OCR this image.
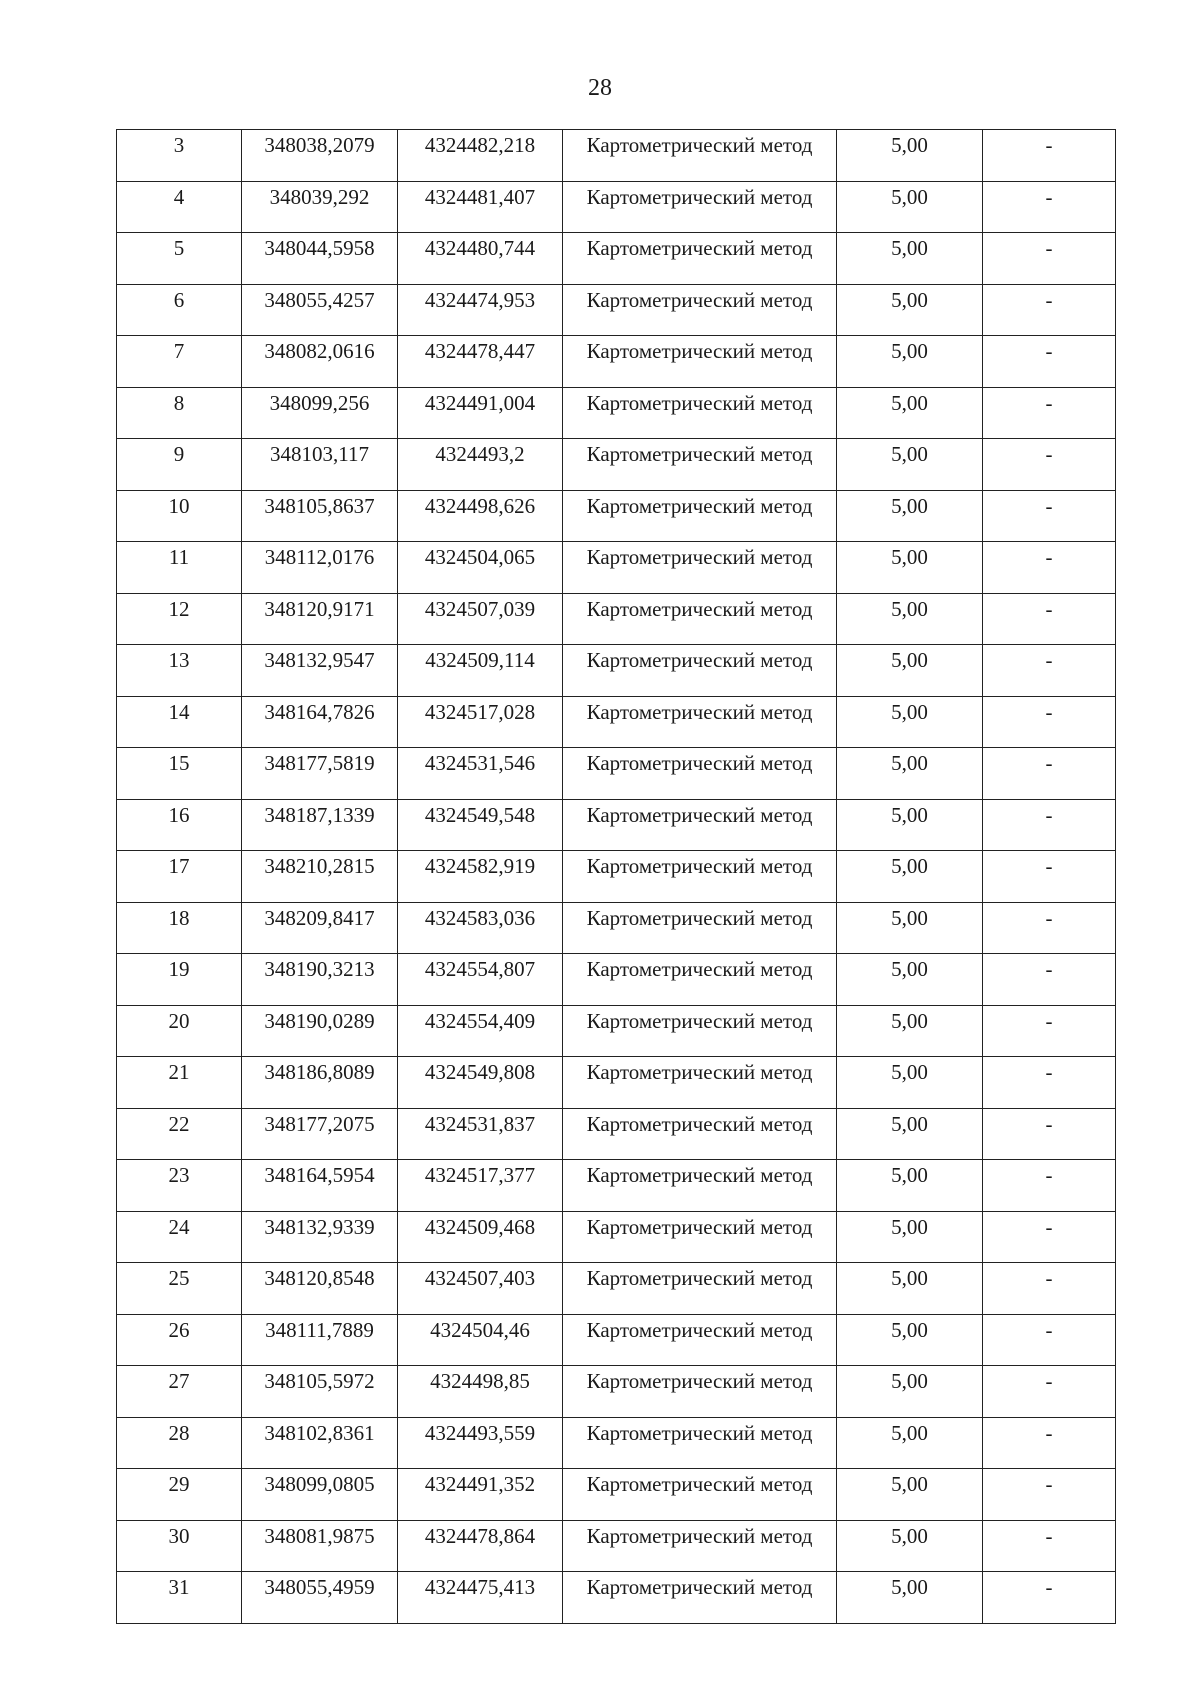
28
3	348038,2079	4324482,218	Картометрический метод	5,00	-
4	348039,292	4324481,407	Картометрический метод	5,00	-
5	348044,5958	4324480,744	Картометрический метод	5,00	-
6	348055,4257	4324474,953	Картометрический метод	5,00	-
7	348082,0616	4324478,447	Картометрический метод	5,00	-
8	348099,256	4324491,004	Картометрический метод	5,00	-
9	348103,117	4324493,2	Картометрический метод	5,00	-
10	348105,8637	4324498,626	Картометрический метод	5,00	-
11	348112,0176	4324504,065	Картометрический метод	5,00	-
12	348120,9171	4324507,039	Картометрический метод	5,00	-
13	348132,9547	4324509,114	Картометрический метод	5,00	-
14	348164,7826	4324517,028	Картометрический метод	5,00	-
15	348177,5819	4324531,546	Картометрический метод	5,00	-
16	348187,1339	4324549,548	Картометрический метод	5,00	-
17	348210,2815	4324582,919	Картометрический метод	5,00	-
18	348209,8417	4324583,036	Картометрический метод	5,00	-
19	348190,3213	4324554,807	Картометрический метод	5,00	-
20	348190,0289	4324554,409	Картометрический метод	5,00	-
21	348186,8089	4324549,808	Картометрический метод	5,00	-
22	348177,2075	4324531,837	Картометрический метод	5,00	-
23	348164,5954	4324517,377	Картометрический метод	5,00	-
24	348132,9339	4324509,468	Картометрический метод	5,00	-
25	348120,8548	4324507,403	Картометрический метод	5,00	-
26	348111,7889	4324504,46	Картометрический метод	5,00	-
27	348105,5972	4324498,85	Картометрический метод	5,00	-
28	348102,8361	4324493,559	Картометрический метод	5,00	-
29	348099,0805	4324491,352	Картометрический метод	5,00	-
30	348081,9875	4324478,864	Картометрический метод	5,00	-
31	348055,4959	4324475,413	Картометрический метод	5,00	-
